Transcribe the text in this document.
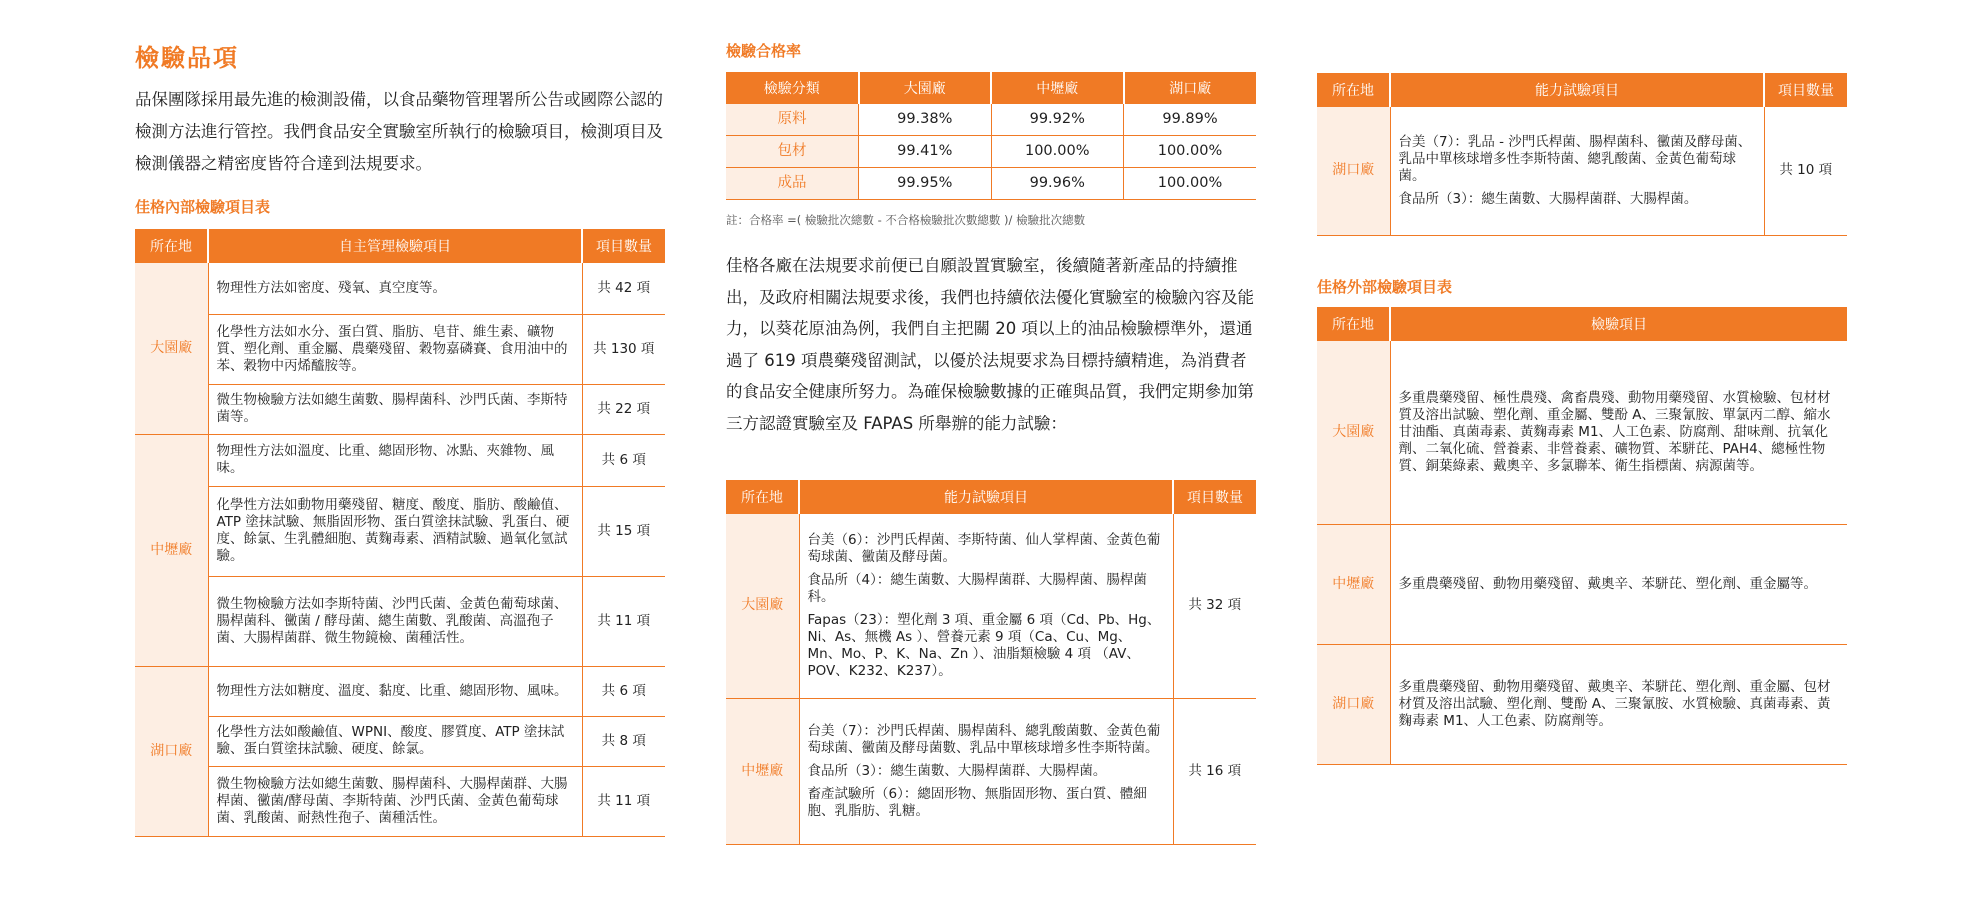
檢驗品項
品保團隊採用最先進的檢測設備，以食品藥物管理署所公告或國際公認的檢測方法進行管控。我們食品安全實驗室所執行的檢驗項目，檢測項目及檢測儀器之精密度皆符合達到法規要求。
佳格內部檢驗項目表
所在地	自主管理檢驗項目	項目數量
大園廠	物理性方法如密度、殘氧、真空度等。	共 42 項
	化學性方法如水分、蛋白質、脂肪、皂苷、維生素、礦物質、塑化劑、重金屬、農藥殘留、穀物嘉磷賽、食用油中的苯、穀物中丙烯醯胺等。	共 130 項
	微生物檢驗方法如總生菌數、腸桿菌科、沙門氏菌、李斯特菌等。	共 22 項
中壢廠	物理性方法如溫度、比重、總固形物、冰點、夾雜物、風味。	共 6 項
	化學性方法如動物用藥殘留、糖度、酸度、脂肪、酸鹼值、ATP 塗抹試驗、無脂固形物、蛋白質塗抹試驗、乳蛋白、硬度、餘氯、生乳體細胞、黃麴毒素、酒精試驗、過氧化氫試驗。	共 15 項
	微生物檢驗方法如李斯特菌、沙門氏菌、金黃色葡萄球菌、腸桿菌科、黴菌 / 酵母菌、總生菌數、乳酸菌、高溫孢子菌、大腸桿菌群、微生物鏡檢、菌種活性。	共 11 項
湖口廠	物理性方法如糖度、溫度、黏度、比重、總固形物、風味。	共 6 項
	化學性方法如酸鹼值、WPNI、酸度、膠質度、ATP 塗抹試驗、蛋白質塗抹試驗、硬度、餘氯。	共 8 項
	微生物檢驗方法如總生菌數、腸桿菌科、大腸桿菌群、大腸桿菌、黴菌/酵母菌、李斯特菌、沙門氏菌、金黃色葡萄球菌、乳酸菌、耐熱性孢子、菌種活性。	共 11 項
檢驗合格率
檢驗分類	大園廠	中壢廠	湖口廠
原料	99.38%	99.92%	99.89%
包材	99.41%	100.00%	100.00%
成品	99.95%	99.96%	100.00%
註：合格率 =( 檢驗批次總數 - 不合格檢驗批次數總數 )/ 檢驗批次總數
佳格各廠在法規要求前便已自願設置實驗室，後續隨著新產品的持續推出，及政府相關法規要求後，我們也持續依法優化實驗室的檢驗內容及能力，以葵花原油為例，我們自主把關 20 項以上的油品檢驗標準外，還通過了 619 項農藥殘留測試，以優於法規要求為目標持續精進，為消費者的食品安全健康所努力。為確保檢驗數據的正確與品質，我們定期參加第三方認證實驗室及 FAPAS 所舉辦的能力試驗：
所在地	能力試驗項目	項目數量
大園廠	台美（6）：沙門氏桿菌、李斯特菌、仙人掌桿菌、金黃色葡萄球菌、黴菌及酵母菌。

食品所（4）：總生菌數、大腸桿菌群、大腸桿菌、腸桿菌科。

Fapas（23）：塑化劑 3 項、重金屬 6 項（Cd、Pb、Hg、Ni、As、無機 As ）、營養元素 9 項（Ca、Cu、Mg、Mn、Mo、P、K、Na、Zn ）、油脂類檢驗 4 項 （AV、POV、K232、K237）。	共 32 項
中壢廠	台美（7）：沙門氏桿菌、腸桿菌科、總乳酸菌數、金黃色葡萄球菌、黴菌及酵母菌數、乳品中單核球增多性李斯特菌。

食品所（3）：總生菌數、大腸桿菌群、大腸桿菌。

畜產試驗所（6）：總固形物、無脂固形物、蛋白質、體細胞、乳脂肪、乳糖。	共 16 項
所在地	能力試驗項目	項目數量
湖口廠	台美（7）：乳品 - 沙門氏桿菌、腸桿菌科、黴菌及酵母菌、乳品中單核球增多性李斯特菌、總乳酸菌、金黃色葡萄球菌。

食品所（3）：總生菌數、大腸桿菌群、大腸桿菌。	共 10 項
佳格外部檢驗項目表
所在地	檢驗項目
大園廠	多重農藥殘留、極性農殘、禽畜農殘、動物用藥殘留、水質檢驗、包材材質及溶出試驗、塑化劑、重金屬、雙酚 A、三聚氰胺、單氯丙二醇、縮水甘油酯、真菌毒素、黃麴毒素 M1、人工色素、防腐劑、甜味劑、抗氧化劑、二氧化硫、營養素、非營養素、礦物質、苯駢芘、PAH4、總極性物質、銅葉綠素、戴奧辛、多氯聯苯、衛生指標菌、病源菌等。
中壢廠	多重農藥殘留、動物用藥殘留、戴奧辛、苯駢芘、塑化劑、重金屬等。
湖口廠	多重農藥殘留、動物用藥殘留、戴奧辛、苯駢芘、塑化劑、重金屬、包材材質及溶出試驗、塑化劑、雙酚 A、三聚氰胺、水質檢驗、真菌毒素、黃麴毒素 M1、人工色素、防腐劑等。
